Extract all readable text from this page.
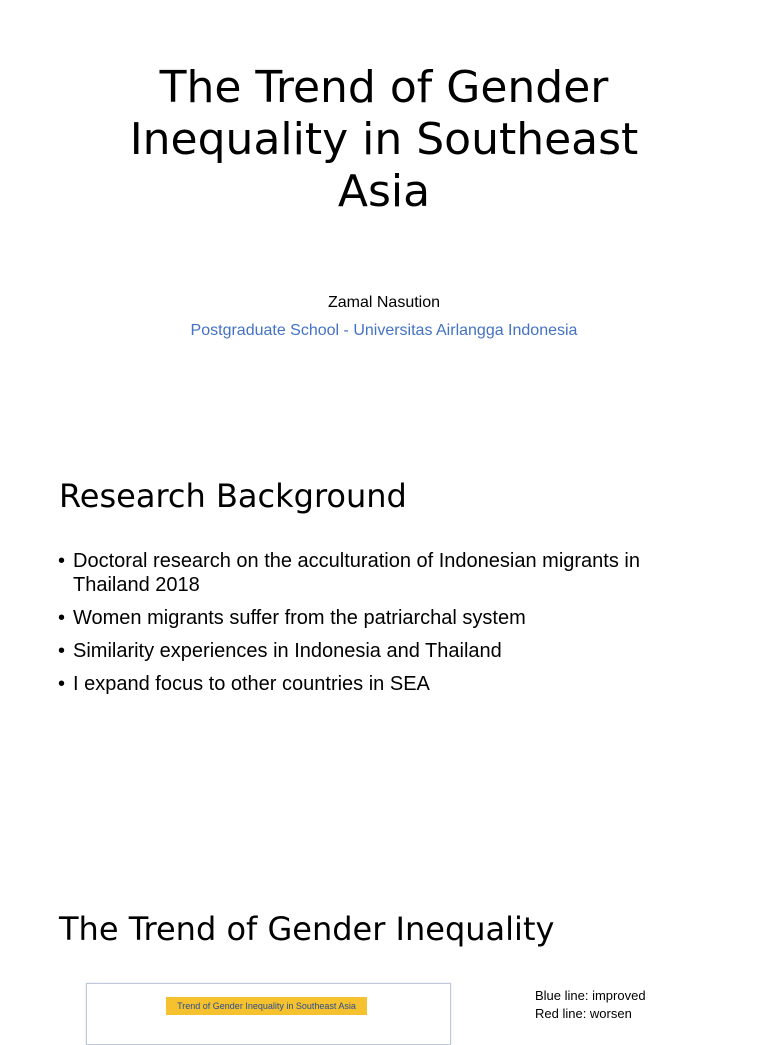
The Trend of Gender
Inequality in Southeast
Asia

Zamal Nasution

Postgraduate School - Universitas Airlangga Indonesia

Research Background
• Doctoral research on the acculturation of Indonesian migrants in
Thailand 2018
• Women migrants suffer from the patriarchal system
• Similarity experiences in Indonesia and Thailand
• I expand focus to other countries in SEA
The Trend of Gender Inequality
Trend of Gender Inequality in Southeast Asia
Blue line: improved
Red line: worsen
